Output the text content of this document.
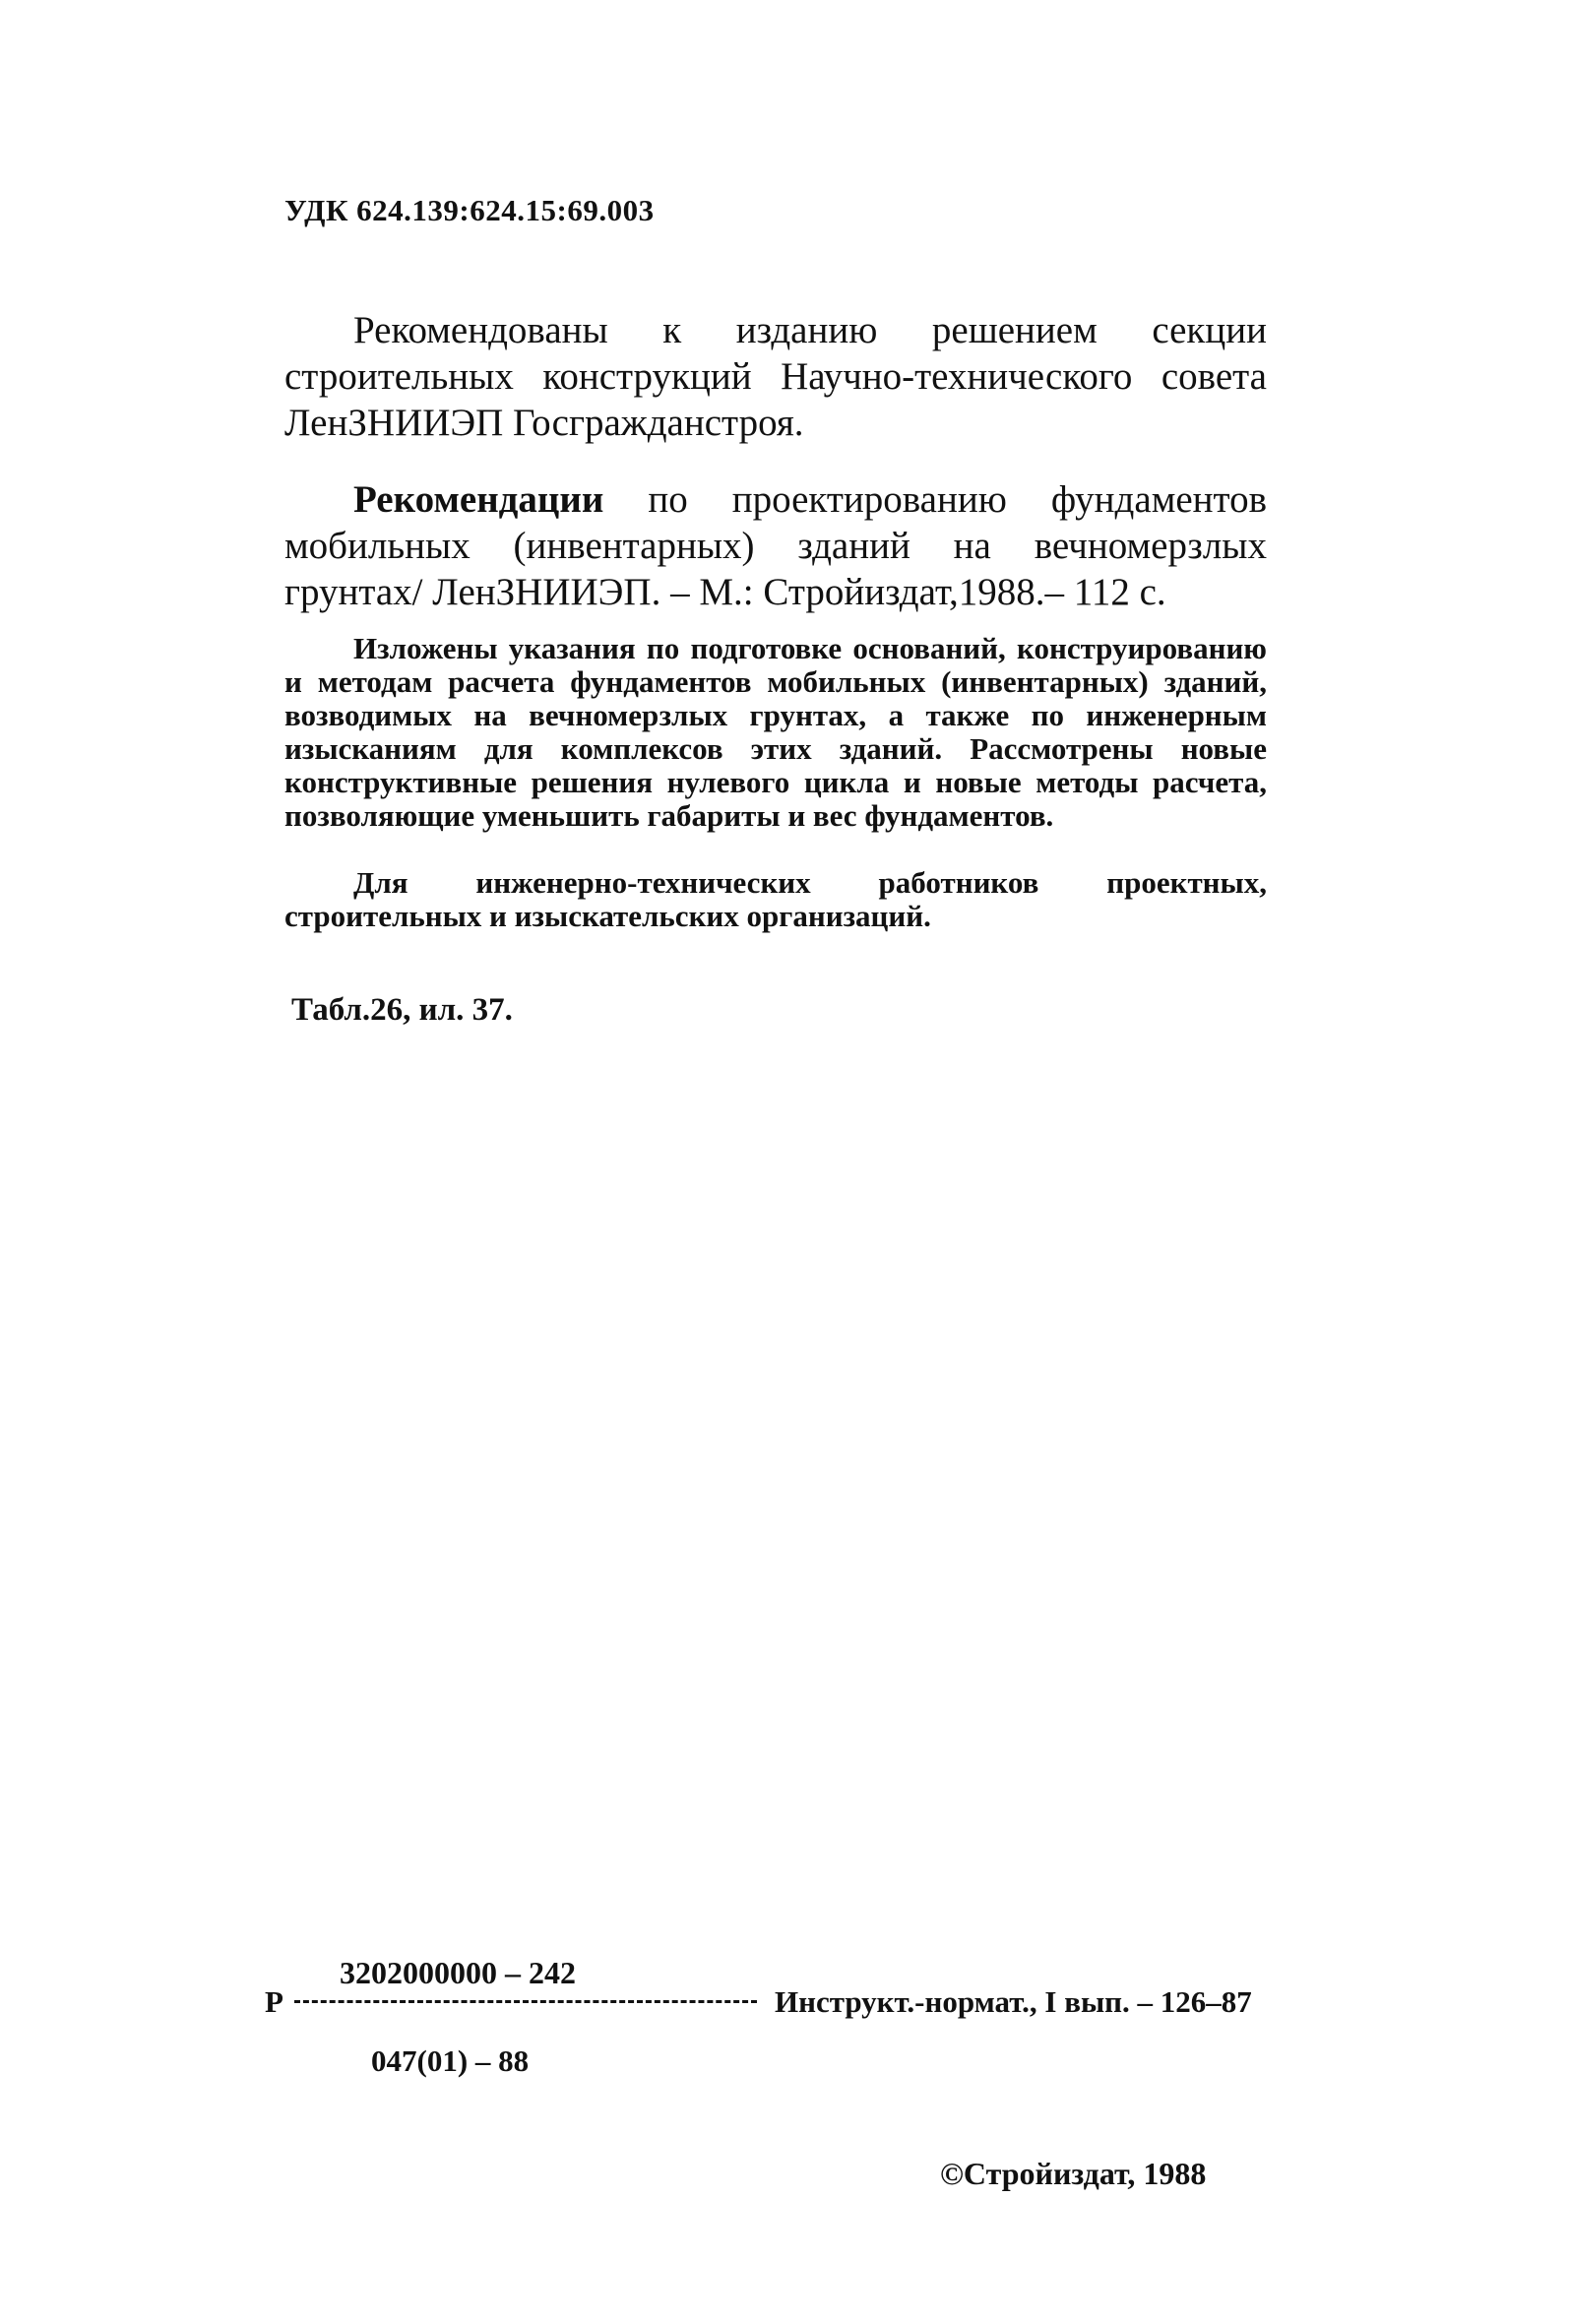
УДК 624.139:624.15:69.003
Рекомендованы к изданию решением секции строительных конструкций Научно-технического совета ЛенЗНИИЭП Госгражданстроя.
Рекомендации по проектированию фундаментов мобильных (инвентарных) зданий на вечномерзлых грунтах/ ЛенЗНИИЭП. – М.: Стройиздат,1988.– 112 с.
Изложены указания по подготовке оснований, конструированию и методам расчета фундаментов мобильных (инвентарных) зданий, возводимых на вечномерзлых грунтах, а также по инженерным изысканиям для комплексов этих зданий. Рассмотрены новые конструктивные решения нулевого цикла и новые методы расчета, позволяющие уменьшить габариты и вес фундаментов.
Для инженерно-технических работников проектных, строительных и изыскательских организаций.
Табл.26, ил. 37.
Р
3202000000 – 242
Инструкт.-нормат., I вып. – 126–87
047(01) – 88
©Стройиздат, 1988
